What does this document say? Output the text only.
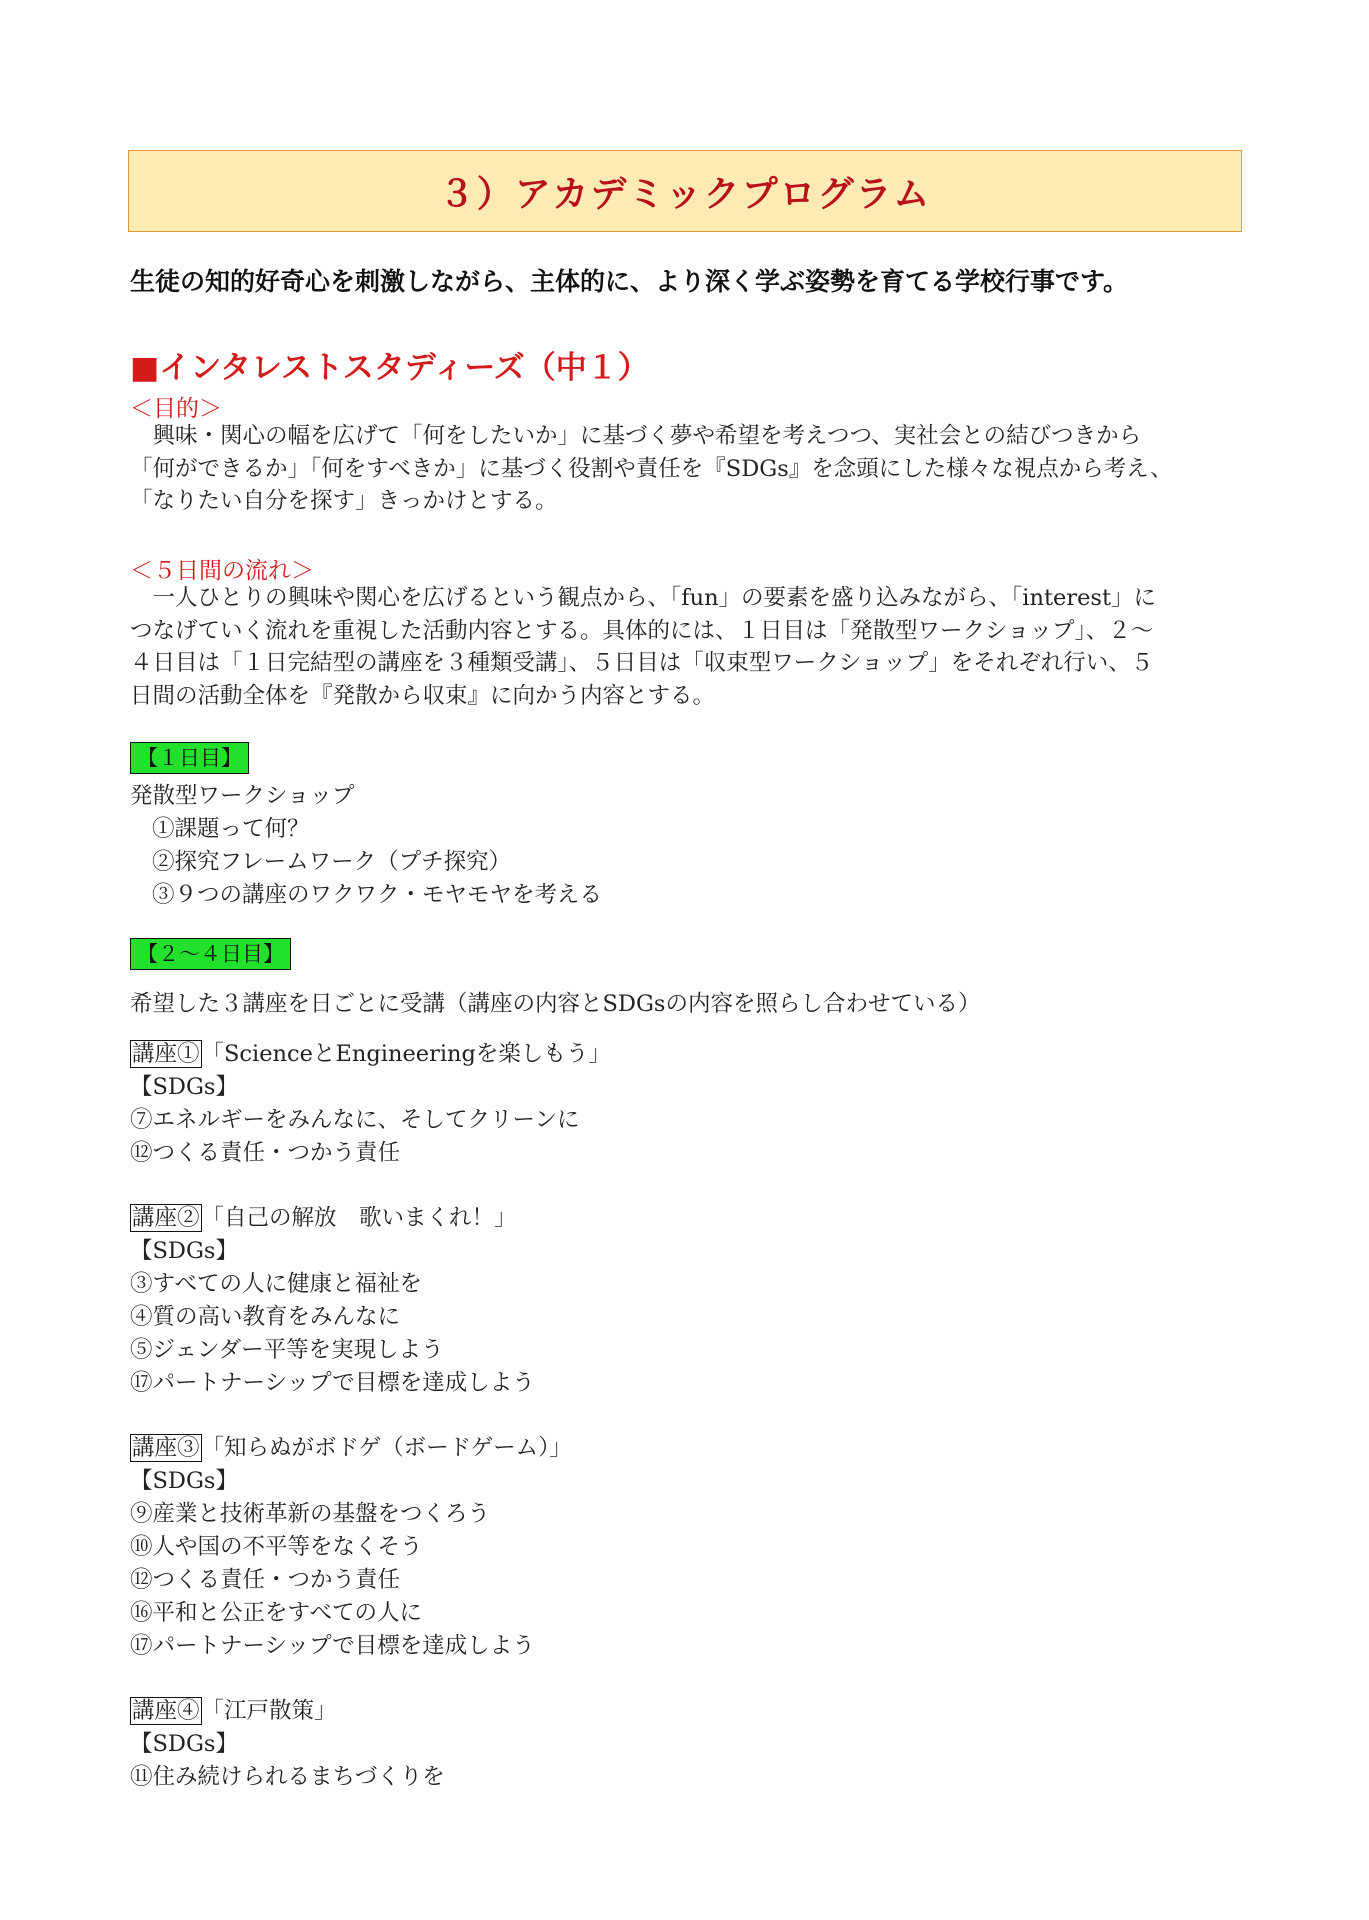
３）アカデミックプログラム
生徒の知的好奇心を刺激しながら、主体的に、より深く学ぶ姿勢を育てる学校行事です。
■インタレストスタディーズ（中１）
＜目的＞

　興味・関心の幅を広げて「何をしたいか」に基づく夢や希望を考えつつ、実社会との結びつきから

「何ができるか」「何をすべきか」に基づく役割や責任を『SDGs』を念頭にした様々な視点から考え、

「なりたい自分を探す」きっかけとする。

＜５日間の流れ＞

　一人ひとりの興味や関心を広げるという観点から、「fun」の要素を盛り込みながら、「interest」に

つなげていく流れを重視した活動内容とする。具体的には、１日目は「発散型ワークショップ」、２～

４日目は「１日完結型の講座を３種類受講」、５日目は「収束型ワークショップ」をそれぞれ行い、５

日間の活動全体を『発散から収束』に向かう内容とする。

【１日目】
発散型ワークショップ
①課題って何？
②探究フレームワーク（プチ探究）
③９つの講座のワクワク・モヤモヤを考える
【２～４日目】
希望した３講座を日ごとに受講（講座の内容とSDGsの内容を照らし合わせている）
講座①「ScienceとEngineeringを楽しもう」
【SDGs】
⑦エネルギーをみんなに、そしてクリーンに
⑫つくる責任・つかう責任
講座②「自己の解放　歌いまくれ！」
【SDGs】
③すべての人に健康と福祉を
④質の高い教育をみんなに
⑤ジェンダー平等を実現しよう
⑰パートナーシップで目標を達成しよう
講座③「知らぬがボドゲ（ボードゲーム）」
【SDGs】
⑨産業と技術革新の基盤をつくろう
⑩人や国の不平等をなくそう
⑫つくる責任・つかう責任
⑯平和と公正をすべての人に
⑰パートナーシップで目標を達成しよう
講座④「江戸散策」
【SDGs】
⑪住み続けられるまちづくりを
